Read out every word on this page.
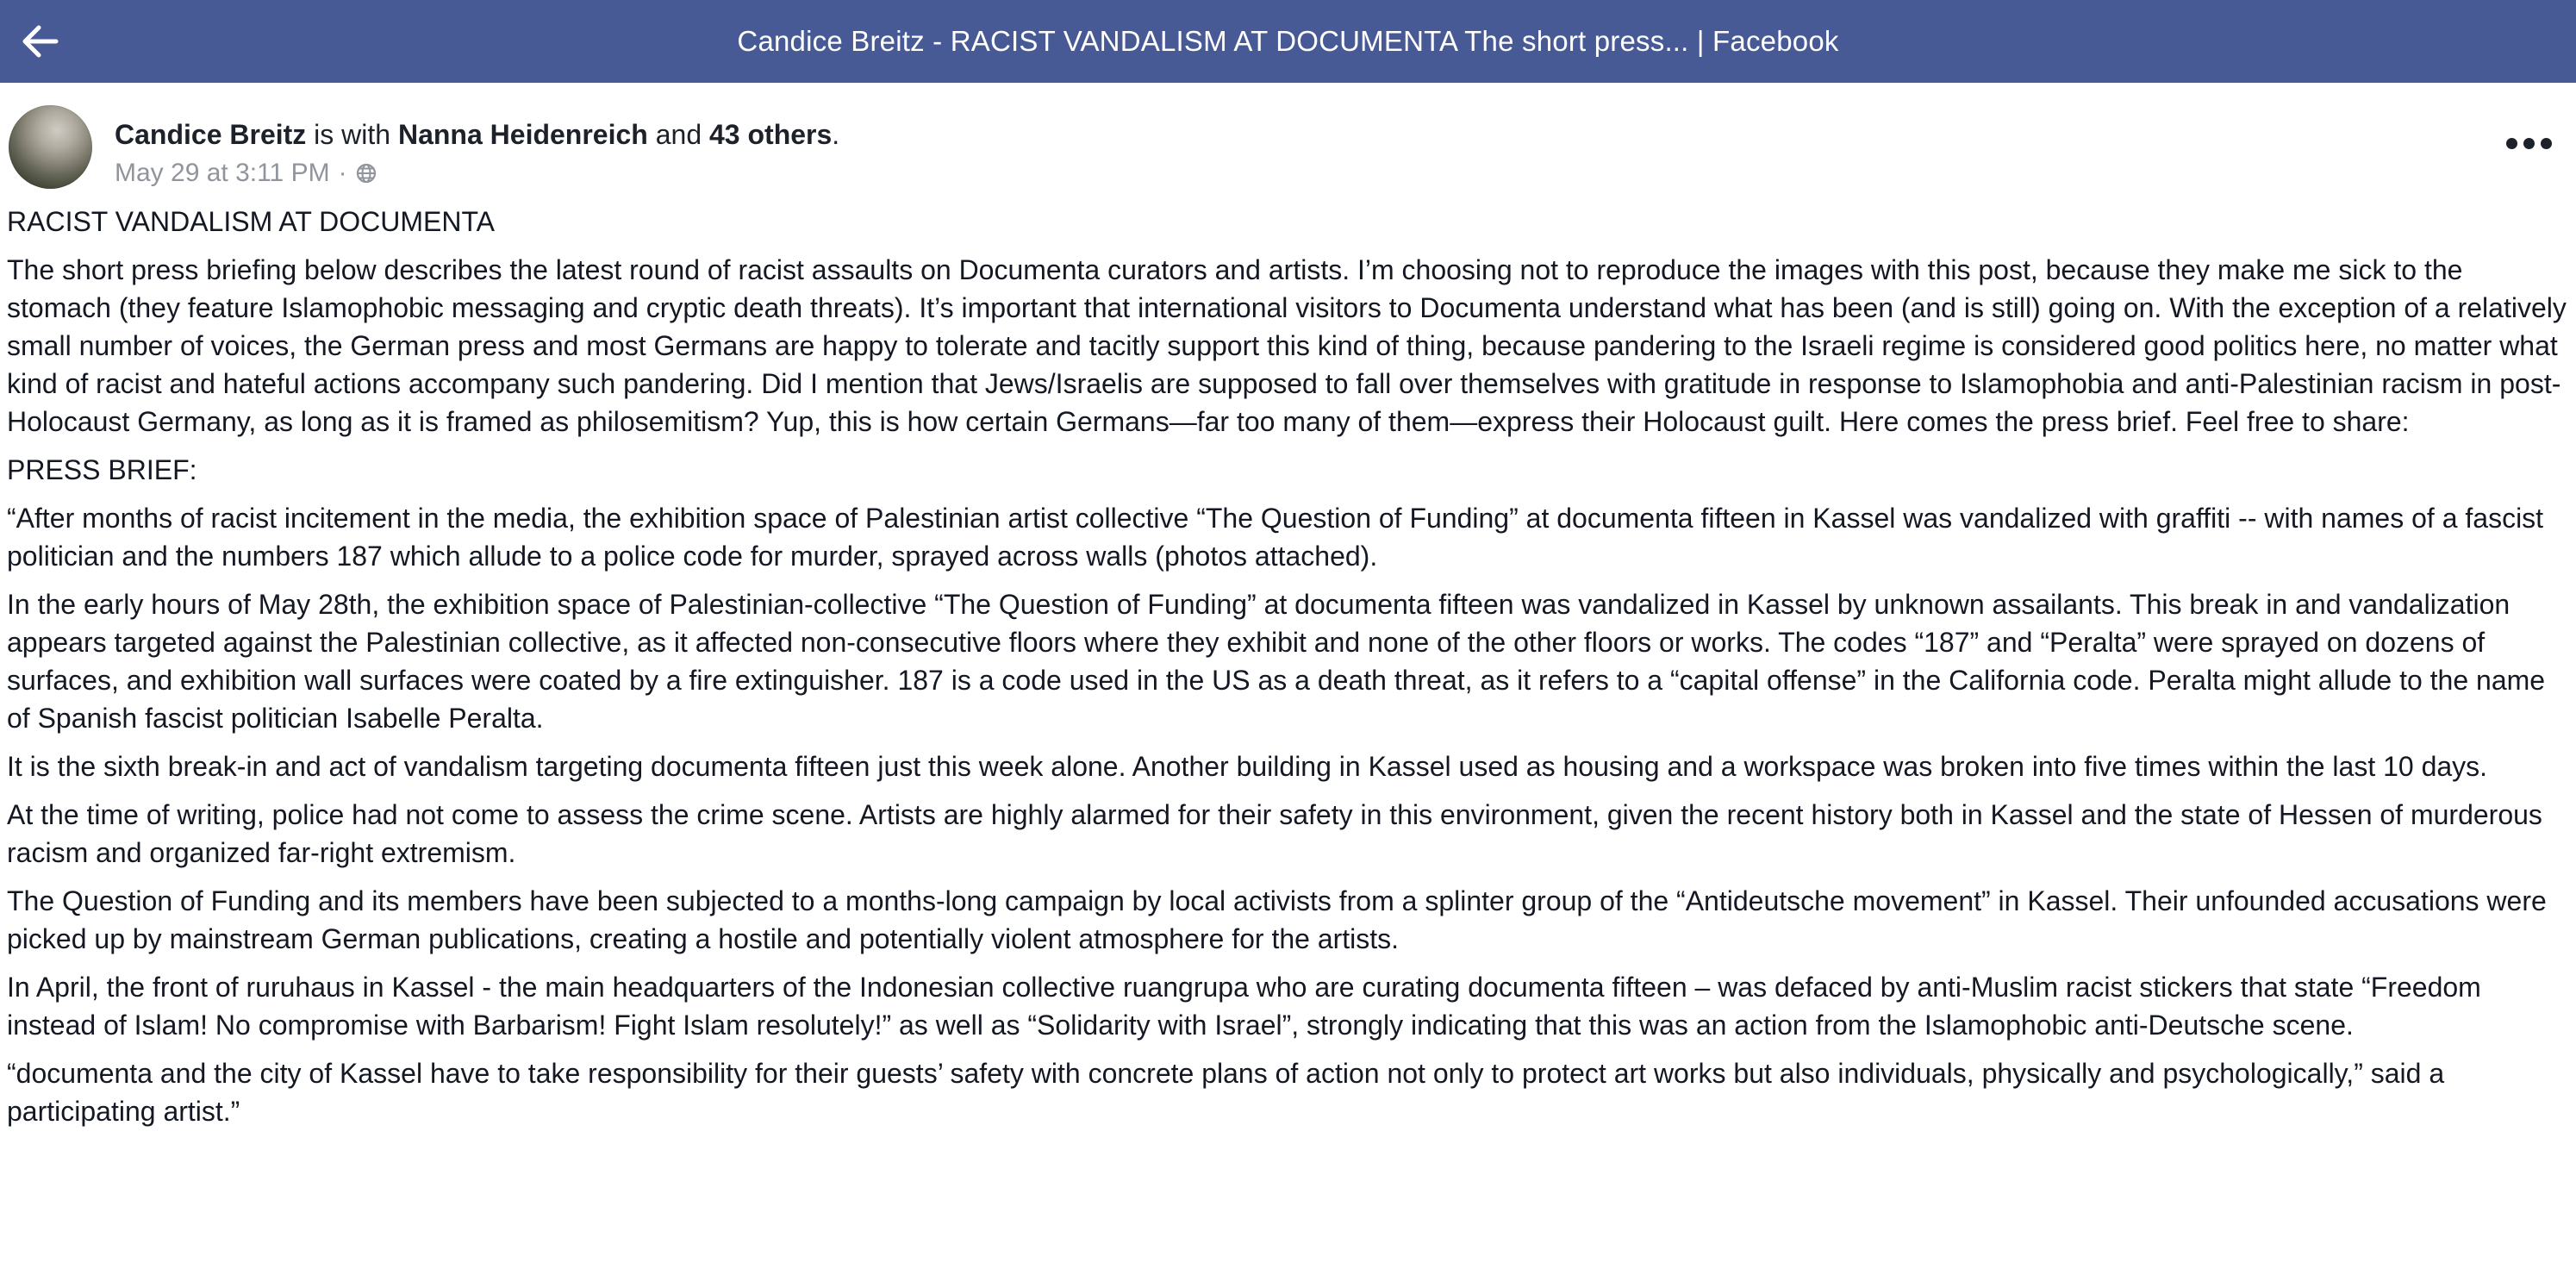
Candice Breitz - RACIST VANDALISM AT DOCUMENTA The short press... | Facebook
Candice Breitz is with Nanna Heidenreich and 43 others.
May 29 at 3:11 PM ·

RACIST VANDALISM AT DOCUMENTA

The short press briefing below describes the latest round of racist assaults on Documenta curators and artists. I’m choosing not to reproduce the images with this post, because they make me sick to the stomach (they feature Islamophobic messaging and cryptic death threats). It’s important that international visitors to Documenta understand what has been (and is still) going on. With the exception of a relatively small number of voices, the German press and most Germans are happy to tolerate and tacitly support this kind of thing, because pandering to the Israeli regime is considered good politics here, no matter what kind of racist and hateful actions accompany such pandering. Did I mention that Jews/Israelis are supposed to fall over themselves with gratitude in response to Islamophobia and anti-Palestinian racism in post-Holocaust Germany, as long as it is framed as philosemitism? Yup, this is how certain Germans—far too many of them—express their Holocaust guilt. Here comes the press brief. Feel free to share:

PRESS BRIEF:

“After months of racist incitement in the media, the exhibition space of Palestinian artist collective “The Question of Funding” at documenta fifteen in Kassel was vandalized with graffiti -- with names of a fascist politician and the numbers 187 which allude to a police code for murder, sprayed across walls (photos attached).

In the early hours of May 28th, the exhibition space of Palestinian-collective “The Question of Funding” at documenta fifteen was vandalized in Kassel by unknown assailants. This break in and vandalization appears targeted against the Palestinian collective, as it affected non-consecutive floors where they exhibit and none of the other floors or works. The codes “187” and “Peralta” were sprayed on dozens of surfaces, and exhibition wall surfaces were coated by a fire extinguisher. 187 is a code used in the US as a death threat, as it refers to a “capital offense” in the California code. Peralta might allude to the name of Spanish fascist politician Isabelle Peralta.

It is the sixth break-in and act of vandalism targeting documenta fifteen just this week alone. Another building in Kassel used as housing and a workspace was broken into five times within the last 10 days.

At the time of writing, police had not come to assess the crime scene. Artists are highly alarmed for their safety in this environment, given the recent history both in Kassel and the state of Hessen of murderous racism and organized far-right extremism.

The Question of Funding and its members have been subjected to a months-long campaign by local activists from a splinter group of the “Antideutsche movement” in Kassel. Their unfounded accusations were picked up by mainstream German publications, creating a hostile and potentially violent atmosphere for the artists.

In April, the front of ruruhaus in Kassel - the main headquarters of the Indonesian collective ruangrupa who are curating documenta fifteen – was defaced by anti-Muslim racist stickers that state “Freedom instead of Islam! No compromise with Barbarism! Fight Islam resolutely!” as well as “Solidarity with Israel”, strongly indicating that this was an action from the Islamophobic anti-Deutsche scene.

“documenta and the city of Kassel have to take responsibility for their guests’ safety with concrete plans of action not only to protect art works but also individuals, physically and psychologically,” said a participating artist.”
